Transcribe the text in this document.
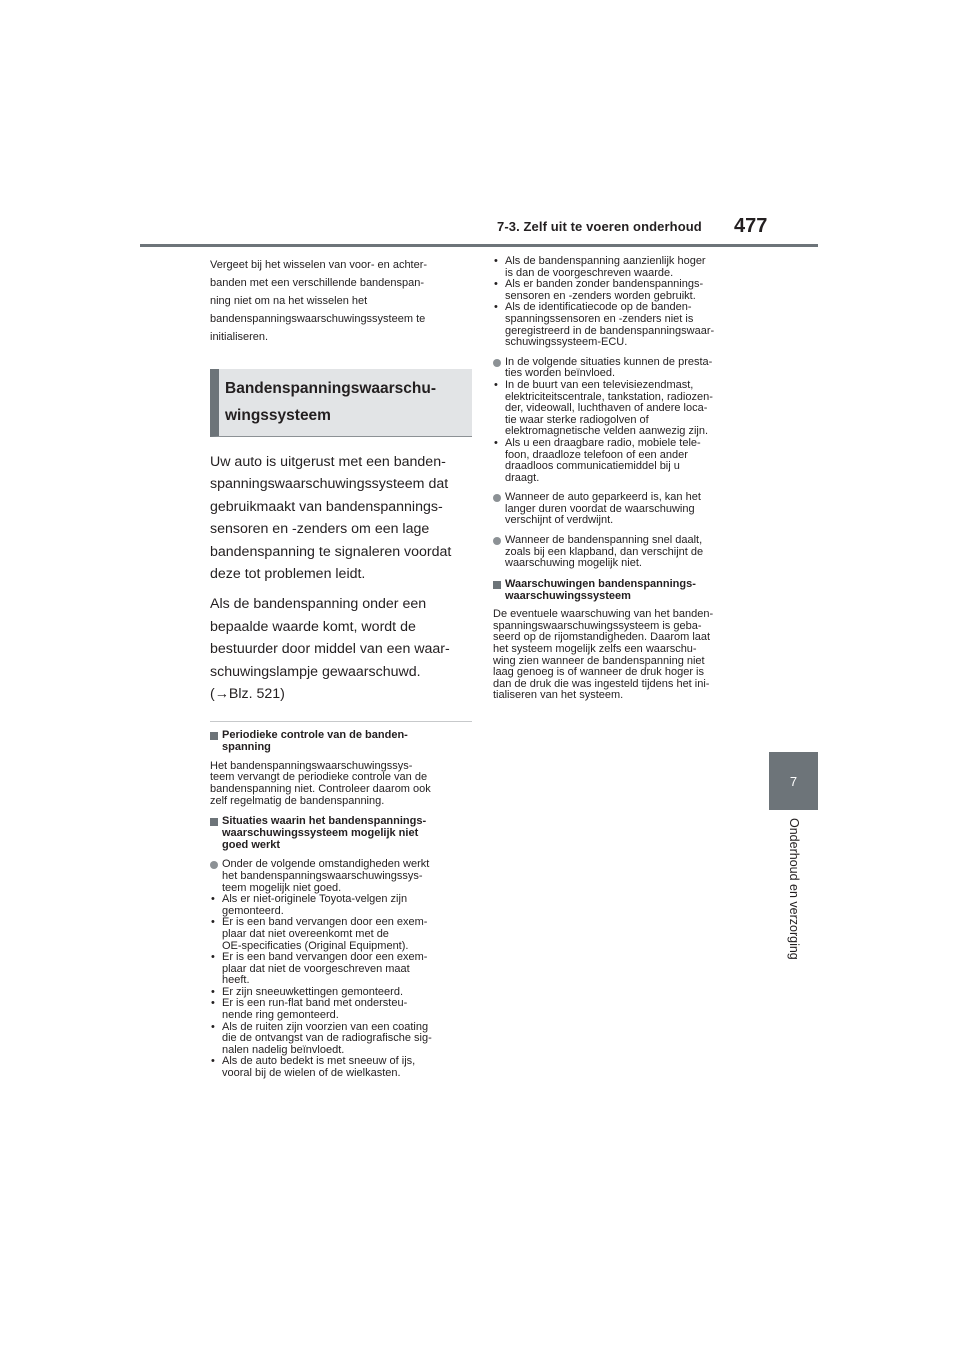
7-3. Zelf uit te voeren onderhoud 477
7
Onderhoud en verzorging

Vergeet bij het wisselen van voor- en achter-

banden met een verschillende bandenspan-

ning niet om na het wisselen het

bandenspanningswaarschuwingssysteem te

initialiseren.

Bandenspanningswaarschu-
wingssysteem
Uw auto is uitgerust met een banden-
spanningswaarschuwingssysteem dat
gebruikmaakt van bandenspannings-
sensoren en -zenders om een lage
bandenspanning te signaleren voordat
deze tot problemen leidt.
Als de bandenspanning onder een
bepaalde waarde komt, wordt de
bestuurder door middel van een waar-
schuwingslampje gewaarschuwd.
(→Blz. 521)
Periodieke controle van de banden-
spanning
Het bandenspanningswaarschuwingssys-
teem vervangt de periodieke controle van de
bandenspanning niet. Controleer daarom ook
zelf regelmatig de bandenspanning.
Situaties waarin het bandenspannings-
waarschuwingssysteem mogelijk niet
goed werkt
Onder de volgende omstandigheden werkt
het bandenspanningswaarschuwingssys-
teem mogelijk niet goed.
• Als er niet-originele Toyota-velgen zijn
gemonteerd.
• Er is een band vervangen door een exem-
plaar dat niet overeenkomt met de
OE-specificaties (Original Equipment).
• Er is een band vervangen door een exem-
plaar dat niet de voorgeschreven maat
heeft.
• Er zijn sneeuwkettingen gemonteerd.
• Er is een run-flat band met ondersteu-
nende ring gemonteerd.
• Als de ruiten zijn voorzien van een coating
die de ontvangst van de radiografische sig-
nalen nadelig beïnvloedt.
• Als de auto bedekt is met sneeuw of ijs,
vooral bij de wielen of de wielkasten.
• Als de bandenspanning aanzienlijk hoger
is dan de voorgeschreven waarde.
• Als er banden zonder bandenspannings-
sensoren en -zenders worden gebruikt.
• Als de identificatiecode op de banden-
spanningssensoren en -zenders niet is
geregistreerd in de bandenspanningswaar-
schuwingssysteem-ECU.
In de volgende situaties kunnen de presta-
ties worden beïnvloed.
• In de buurt van een televisiezendmast,
elektriciteitscentrale, tankstation, radiozen-
der, videowall, luchthaven of andere loca-
tie waar sterke radiogolven of
elektromagnetische velden aanwezig zijn.
• Als u een draagbare radio, mobiele tele-
foon, draadloze telefoon of een ander
draadloos communicatiemiddel bij u
draagt.
Wanneer de auto geparkeerd is, kan het
langer duren voordat de waarschuwing
verschijnt of verdwijnt.
Wanneer de bandenspanning snel daalt,
zoals bij een klapband, dan verschijnt de
waarschuwing mogelijk niet.
Waarschuwingen bandenspannings-
waarschuwingssysteem
De eventuele waarschuwing van het banden-
spanningswaarschuwingssysteem is geba-
seerd op de rijomstandigheden. Daarom laat
het systeem mogelijk zelfs een waarschu-
wing zien wanneer de bandenspanning niet
laag genoeg is of wanneer de druk hoger is
dan de druk die was ingesteld tijdens het ini-
tialiseren van het systeem.
